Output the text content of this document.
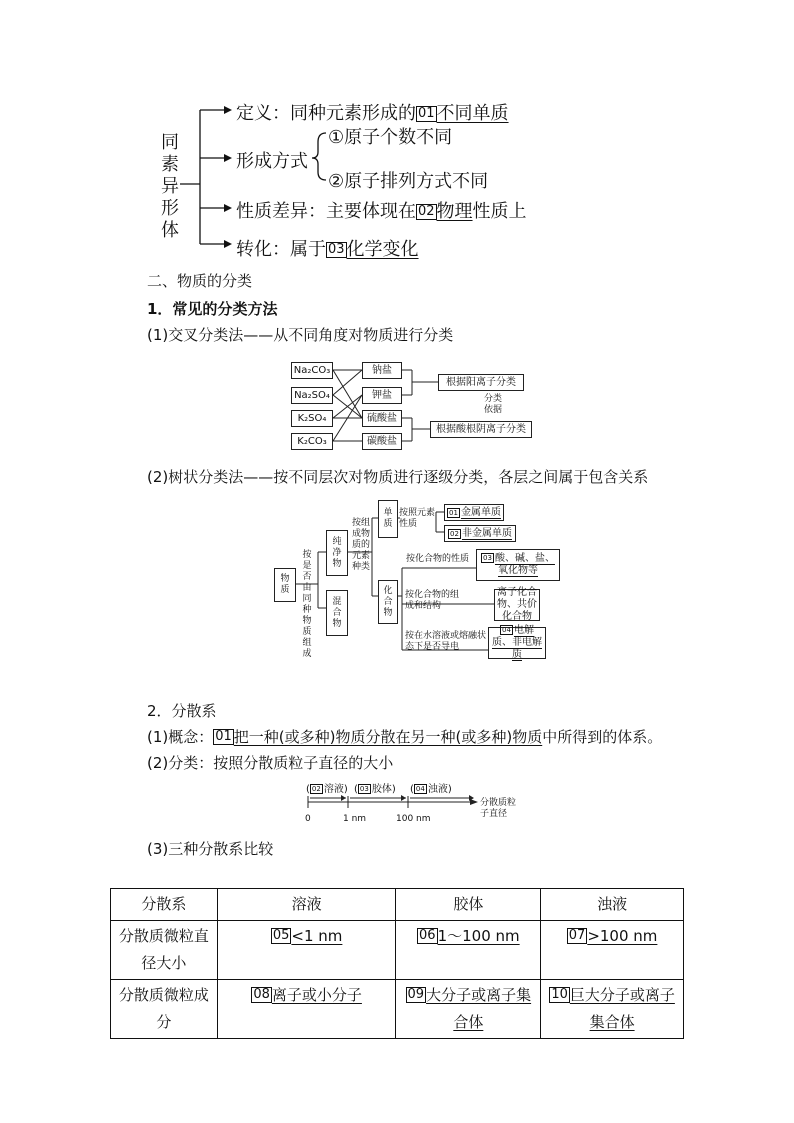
同素异形体
定义：同种元素形成的 01 不同单质
形成方式
①原子个数不同
②原子排列方式不同
性质差异：主要体现在 02 物理性质上
转化：属于 03 化学变化
二、物质的分类
1．常见的分类方法
(1)交叉分类法——从不同角度对物质进行分类
Na₂CO₃
Na₂SO₄
K₂SO₄
K₂CO₃
钠盐
钾盐
硫酸盐
碳酸盐
根据阳离子分类
分类依据
根据酸根阴离子分类
(2)树状分类法——按不同层次对物质进行逐级分类，各层之间属于包含关系
物质
按是否由同种物质组成
纯净物
混合物
按组成物质的元素种类
单质
化合物
按照元素性质
01 金属单质
02 非金属单质
按化合物的性质	03 酸、碱、盐、氧化物等
按化合物的组成和结构
离子化合物、共价化合物
按在水溶液或熔融状态下是否导电
04 电解质、非电解质
2．分散系
(1)概念： 01 把一种(或多种)物质分散在另一种(或多种)物质中所得到的体系。
(2)分类：按照分散质粒子直径的大小
( 02 溶液) ( 03 胶体) ( 04 浊液)
0	1 nm	100 nm
分散质粒子直径
(3)三种分散系比较
分散系	溶液	胶体	浊液
分散质微粒直径大小	05 <1 nm	06 1～100 nm	07 >100 nm
分散质微粒成分	08 离子或小分子	09 大分子或离子集合体	10 巨大分子或离子集合体
